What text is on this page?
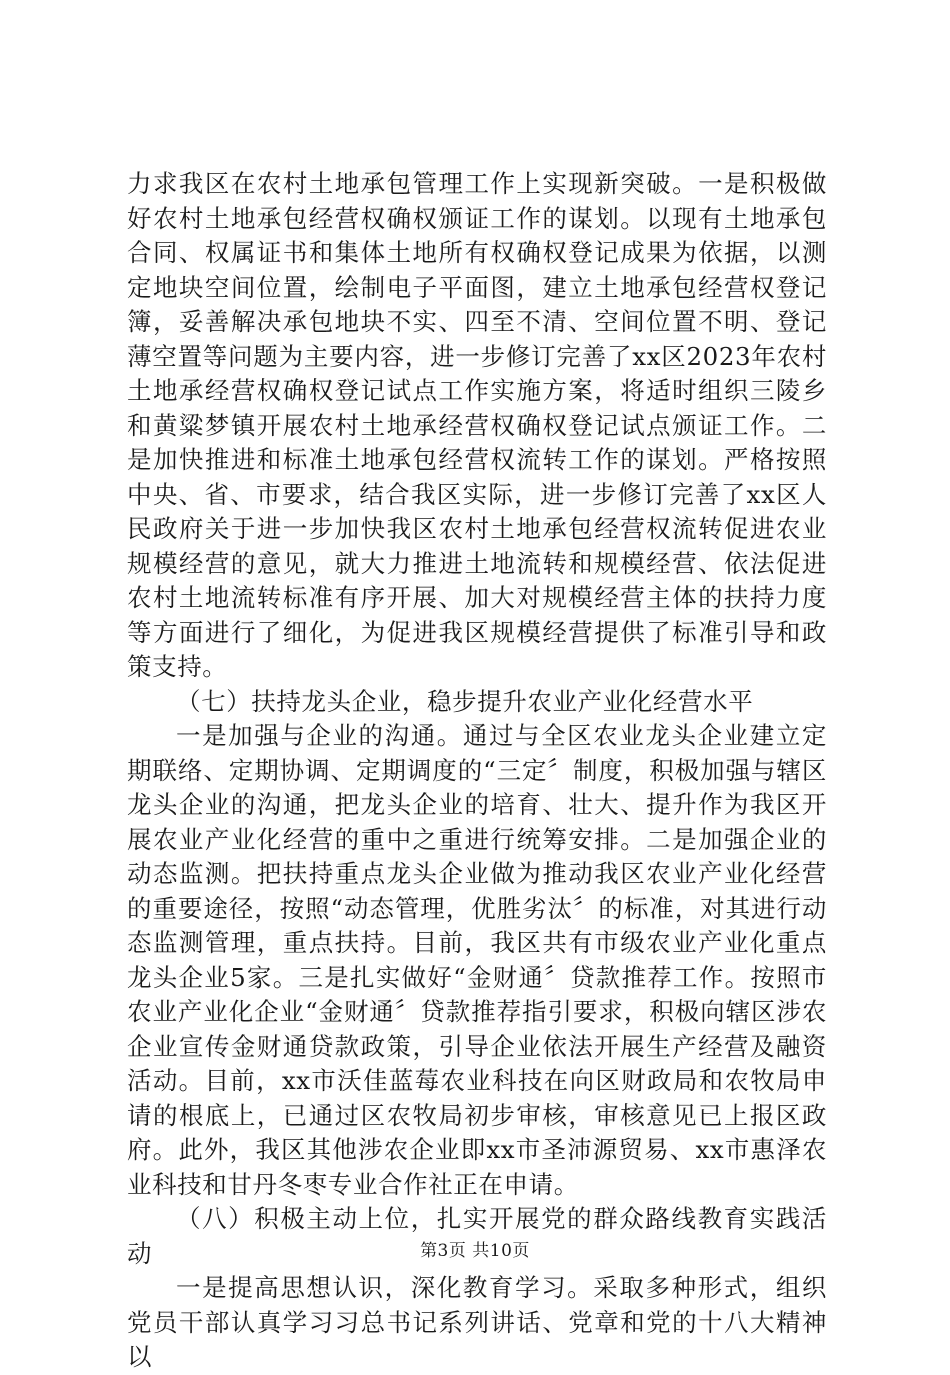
力求我区在农村土地承包管理工作上实现新突破。一是积极做好农村土地承包经营权确权颁证工作的谋划。以现有土地承包合同、权属证书和集体土地所有权确权登记成果为依据，以测定地块空间位置，绘制电子平面图，建立土地承包经营权登记簿，妥善解决承包地块不实、四至不清、空间位置不明、登记薄空置等问题为主要内容，进一步修订完善了xx区2023年农村土地承经营权确权登记试点工作实施方案，将适时组织三陵乡和黄粱梦镇开展农村土地承经营权确权登记试点颁证工作。二是加快推进和标准土地承包经营权流转工作的谋划。严格按照中央、省、市要求，结合我区实际，进一步修订完善了xx区人民政府关于进一步加快我区农村土地承包经营权流转促进农业规模经营的意见，就大力推进土地流转和规模经营、依法促进农村土地流转标准有序开展、加大对规模经营主体的扶持力度等方面进行了细化，为促进我区规模经营提供了标准引导和政策支持。

（七）扶持龙头企业，稳步提升农业产业化经营水平

一是加强与企业的沟通。通过与全区农业龙头企业建立定期联络、定期协调、定期调度的“三定〞制度，积极加强与辖区龙头企业的沟通，把龙头企业的培育、壮大、提升作为我区开展农业产业化经营的重中之重进行统筹安排。二是加强企业的动态监测。把扶持重点龙头企业做为推动我区农业产业化经营的重要途径，按照“动态管理，优胜劣汰〞的标准，对其进行动态监测管理，重点扶持。目前，我区共有市级农业产业化重点龙头企业5家。三是扎实做好“金财通〞贷款推荐工作。按照市农业产业化企业“金财通〞贷款推荐指引要求，积极向辖区涉农企业宣传金财通贷款政策，引导企业依法开展生产经营及融资活动。目前，xx市沃佳蓝莓农业科技在向区财政局和农牧局申请的根底上，已通过区农牧局初步审核，审核意见已上报区政府。此外，我区其他涉农企业即xx市圣沛源贸易、xx市惠泽农业科技和甘丹冬枣专业合作社正在申请。

（八）积极主动上位，扎实开展党的群众路线教育实践活动

一是提高思想认识，深化教育学习。采取多种形式，组织党员干部认真学习习总书记系列讲话、党章和党的十八大精神以

第3页 共10页
